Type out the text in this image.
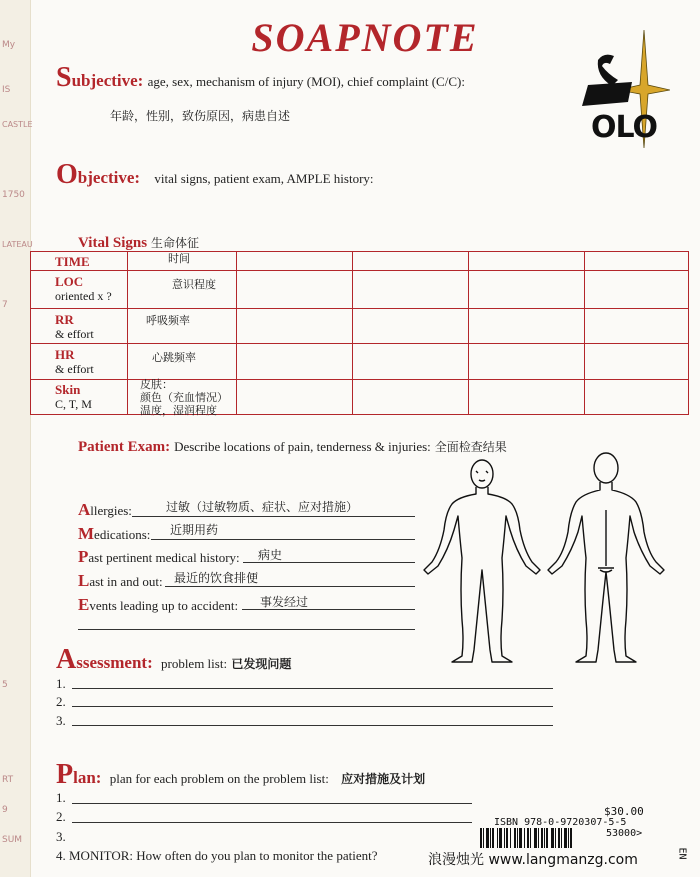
My
IS
CASTLE
1750
LATEAU
7
5
RT
9
SUM
SOAPNOTE
OLO
Subjective: age, sex, mechanism of injury (MOI), chief complaint (C/C):
年龄，性别，致伤原因，病患自述
Objective: vital signs, patient exam, AMPLE history:
Vital Signs 生命体征
TIME	时间				

LOC
oriented x ?	意识程度				

RR
& effort	呼吸频率				

HR
& effort	心跳频率				

Skin
C, T, M	皮肤：
颜色（充血情况）
温度，湿润程度				

Patient Exam: Describe locations of pain, tenderness & injuries: 全面检查结果
Allergies:	过敏（过敏物质、症状、应对措施）
Medications: 近期用药
Past pertinent medical history: 病史
Last in and out: 最近的饮食排便
Events leading up to accident: 事发经过
Assessment: problem list: 已发现问题
1.
2.
3.
Plan: plan for each problem on the problem list: 应对措施及计划
1.
2.
3.
4. MONITOR: How often do you plan to monitor the patient?
$30.00
ISBN 978-0-9720307-5-5
53000>
浪漫烛光 www.langmanzg.com	EN
